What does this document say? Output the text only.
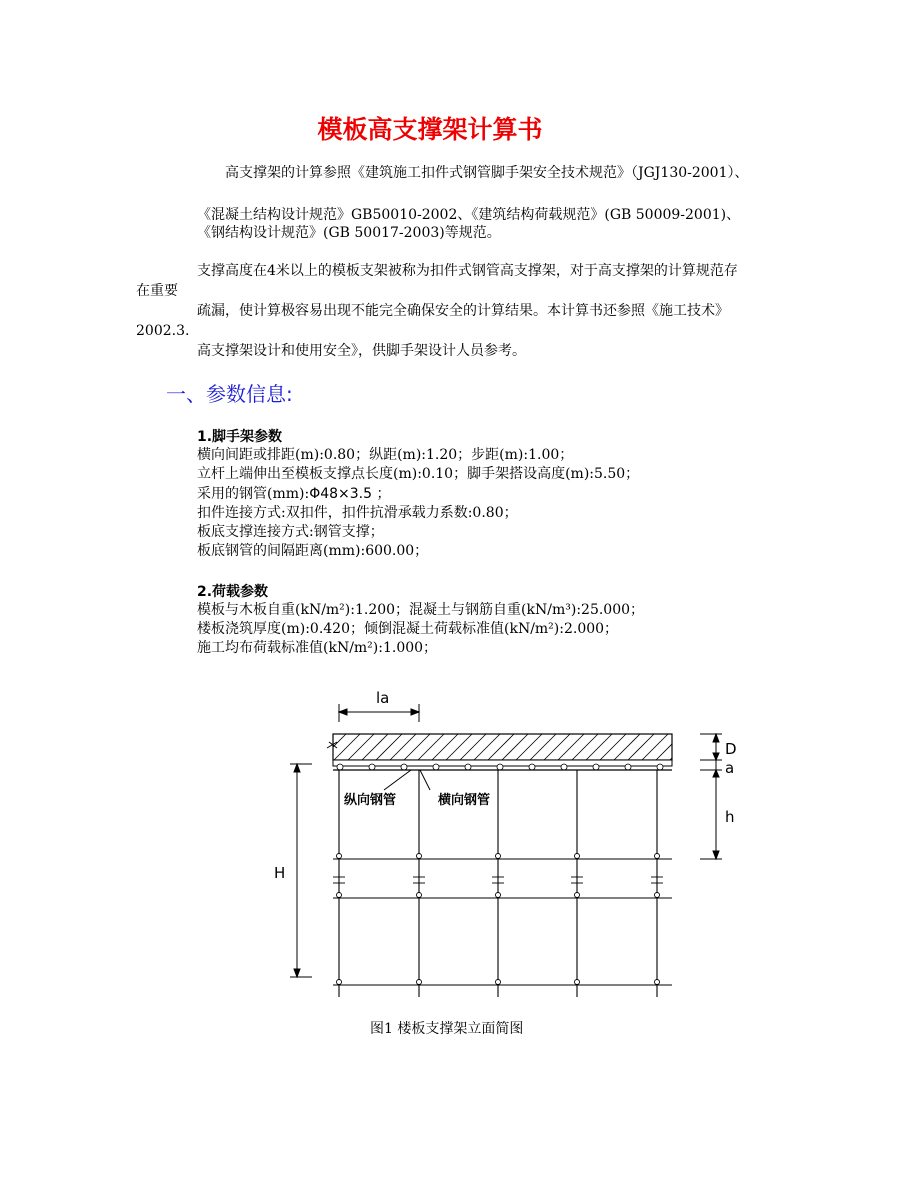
模板高支撑架计算书
高支撑架的计算参照《建筑施工扣件式钢管脚手架安全技术规范》（JGJ130-2001）、
《混凝土结构设计规范》GB50010-2002、《建筑结构荷载规范》(GB 50009-2001)、
《钢结构设计规范》(GB 50017-2003)等规范。
支撑高度在4米以上的模板支架被称为扣件式钢管高支撑架，对于高支撑架的计算规范存
在重要
疏漏，使计算极容易出现不能完全确保安全的计算结果。本计算书还参照《施工技术》
2002.3.
高支撑架设计和使用安全》，供脚手架设计人员参考。
一、参数信息:
1.脚手架参数
横向间距或排距(m):0.80；纵距(m):1.20；步距(m):1.00；
立杆上端伸出至模板支撑点长度(m):0.10；脚手架搭设高度(m):5.50；
采用的钢管(mm):Φ48×3.5 ；
扣件连接方式:双扣件，扣件抗滑承载力系数:0.80；
板底支撑连接方式:钢管支撑；
板底钢管的间隔距离(mm):600.00；
2.荷载参数
模板与木板自重(kN/m²):1.200；混凝土与钢筋自重(kN/m³):25.000；
楼板浇筑厚度(m):0.420；倾倒混凝土荷载标准值(kN/m²):2.000；
施工均布荷载标准值(kN/m²):1.000；
la
纵向钢管	横向钢管
D
a
h
H
图1 楼板支撑架立面简图
